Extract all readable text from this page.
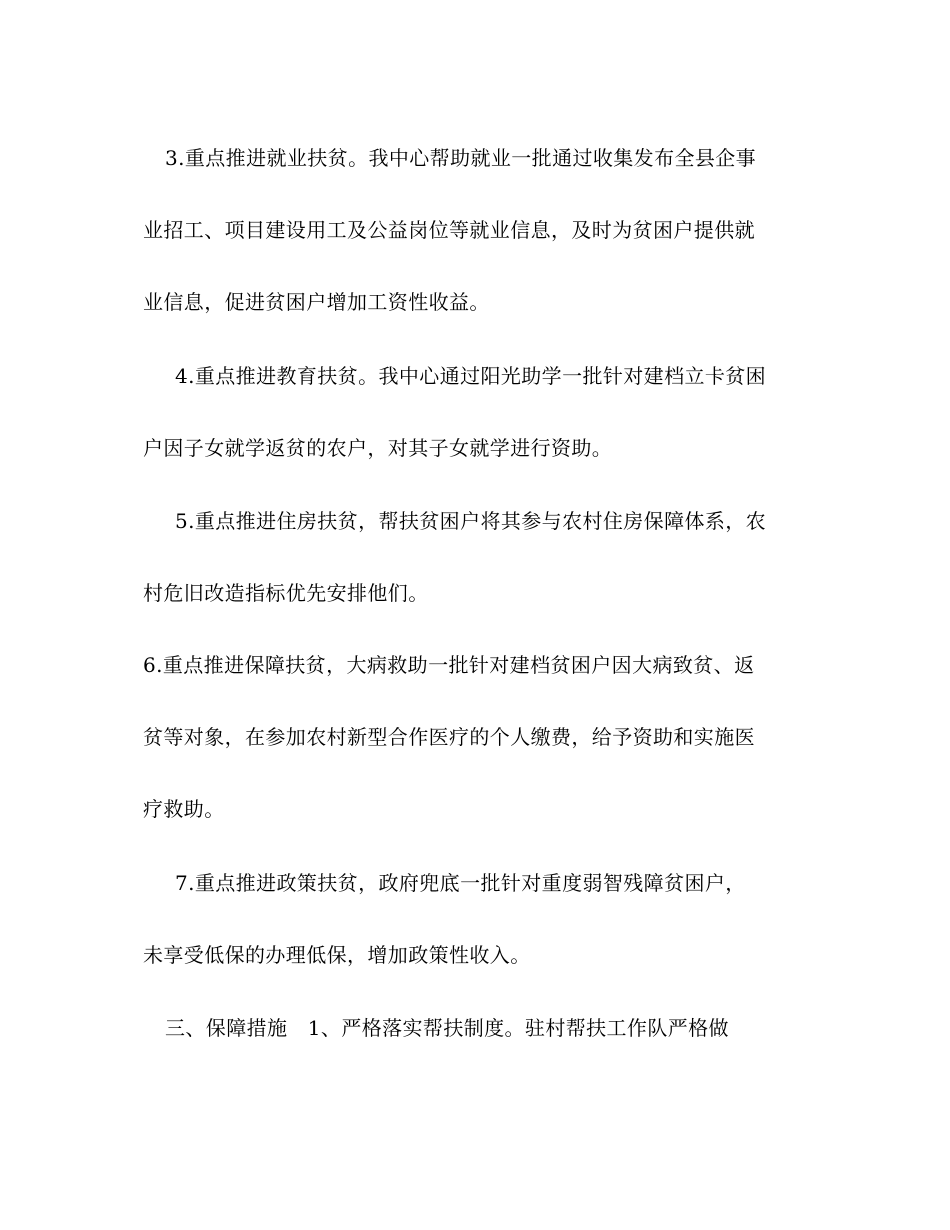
3.重点推进就业扶贫。我中心帮助就业一批通过收集发布全县企事
业招工、项目建设用工及公益岗位等就业信息，及时为贫困户提供就
业信息，促进贫困户增加工资性收益。
4.重点推进教育扶贫。我中心通过阳光助学一批针对建档立卡贫困
户因子女就学返贫的农户，对其子女就学进行资助。
5.重点推进住房扶贫，帮扶贫困户将其参与农村住房保障体系，农
村危旧改造指标优先安排他们。
6.重点推进保障扶贫，大病救助一批针对建档贫困户因大病致贫、返
贫等对象，在参加农村新型合作医疗的个人缴费，给予资助和实施医
疗救助。
7.重点推进政策扶贫，政府兜底一批针对重度弱智残障贫困户，
未享受低保的办理低保，增加政策性收入。
三、保障措施　1、严格落实帮扶制度。驻村帮扶工作队严格做
